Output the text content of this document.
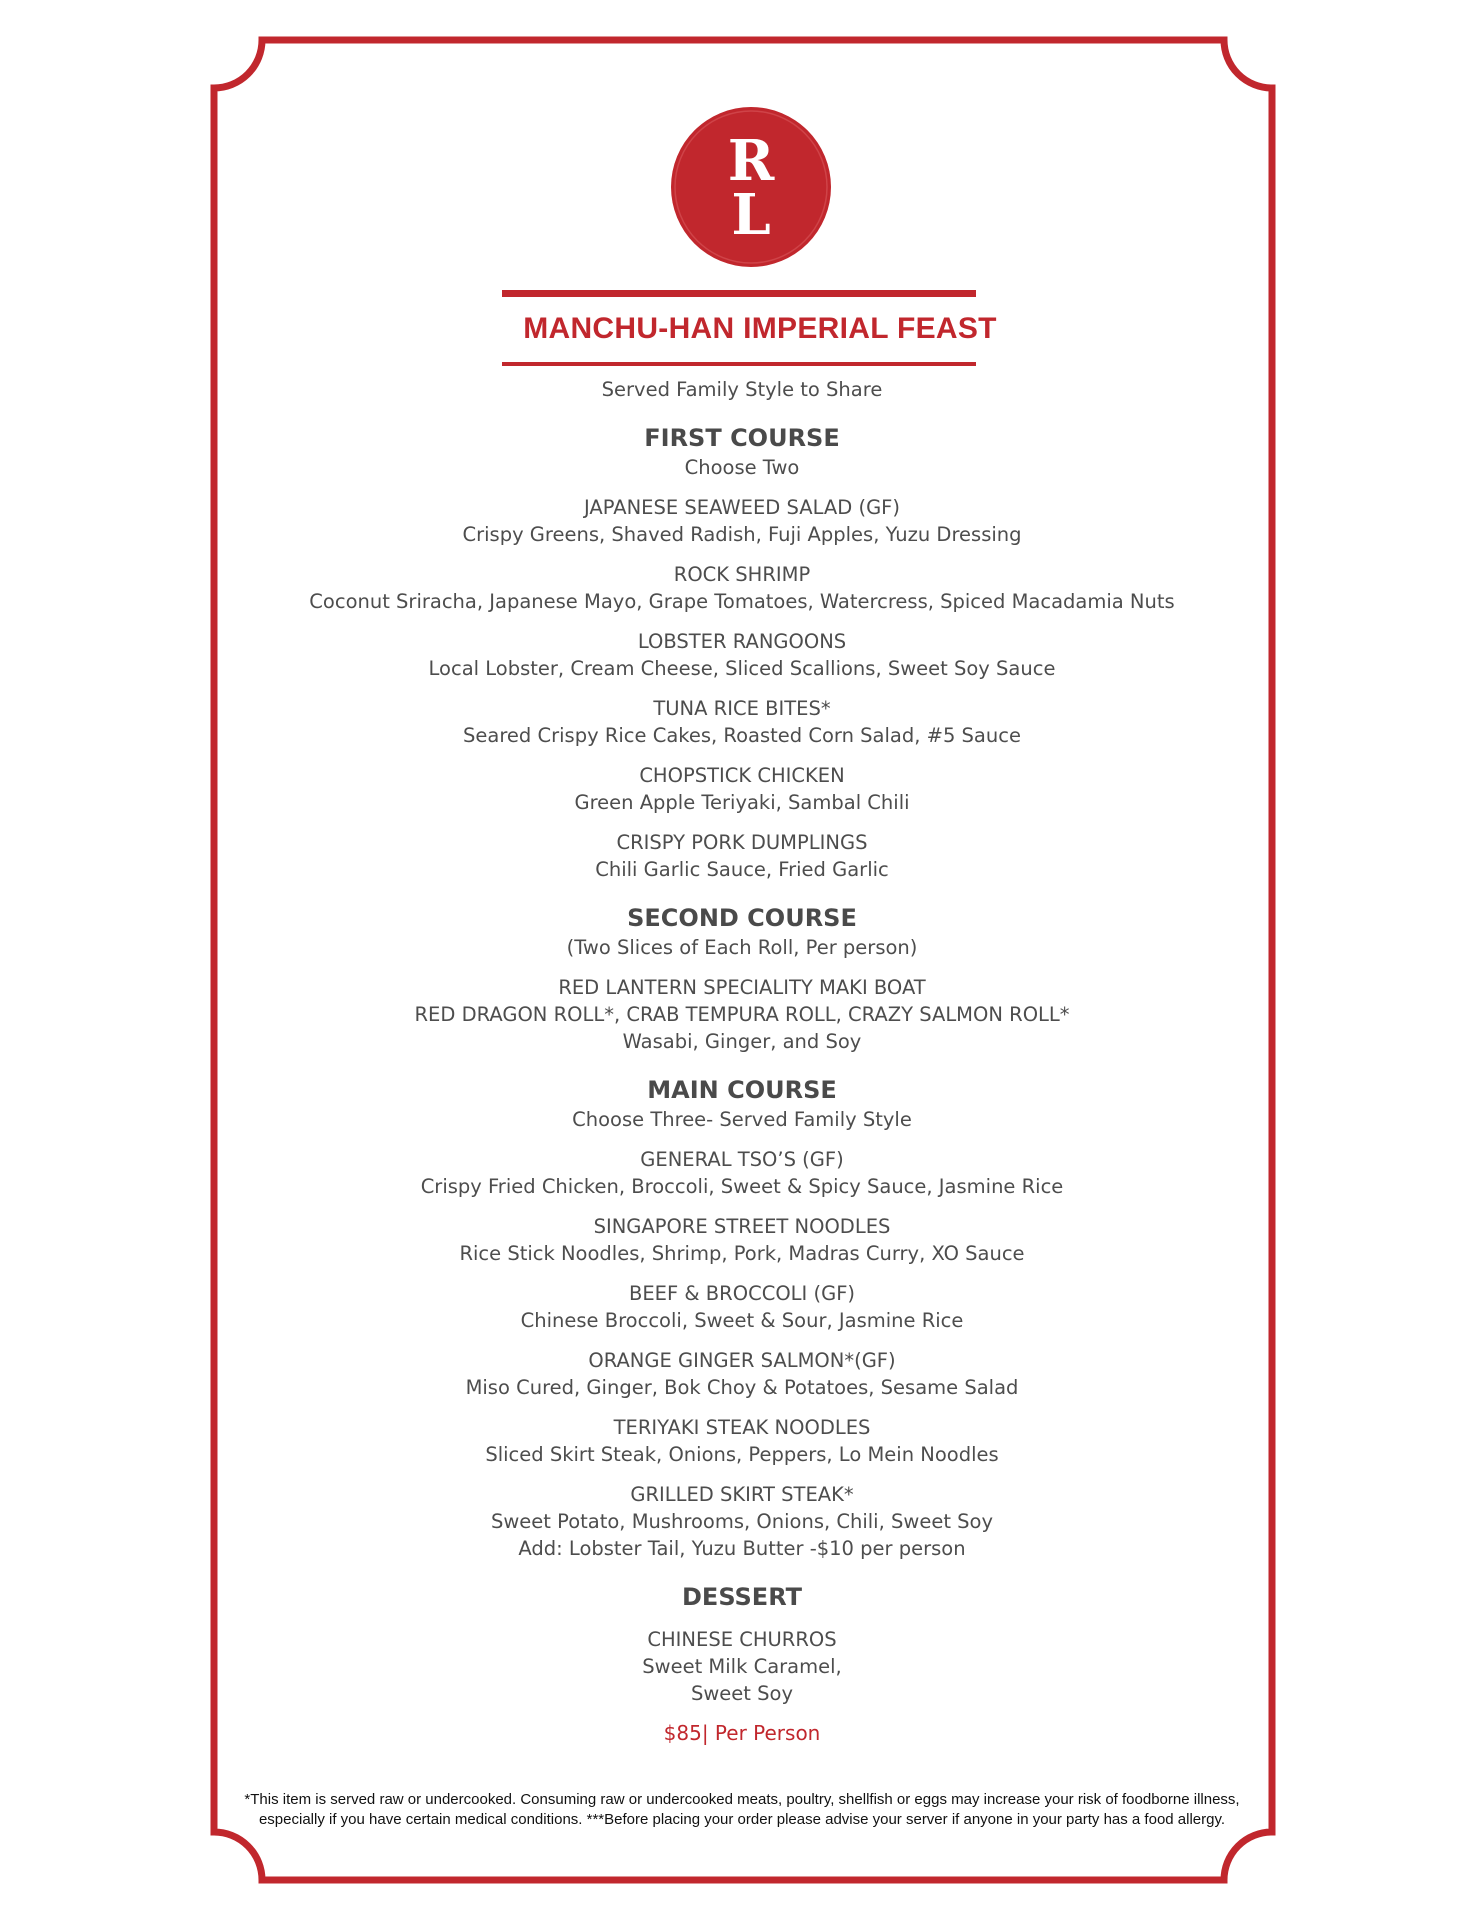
R
L
MANCHU-HAN IMPERIAL FEAST
Served Family Style to Share
FIRST COURSE
Choose Two
JAPANESE SEAWEED SALAD (GF)
Crispy Greens, Shaved Radish, Fuji Apples, Yuzu Dressing
ROCK SHRIMP
Coconut Sriracha, Japanese Mayo, Grape Tomatoes, Watercress, Spiced Macadamia Nuts
LOBSTER RANGOONS
Local Lobster, Cream Cheese, Sliced Scallions, Sweet Soy Sauce
TUNA RICE BITES*
Seared Crispy Rice Cakes, Roasted Corn Salad, #5 Sauce
CHOPSTICK CHICKEN
Green Apple Teriyaki, Sambal Chili
CRISPY PORK DUMPLINGS
Chili Garlic Sauce, Fried Garlic
SECOND COURSE
(Two Slices of Each Roll, Per person)
RED LANTERN SPECIALITY MAKI BOAT
RED DRAGON ROLL*, CRAB TEMPURA ROLL, CRAZY SALMON ROLL*
Wasabi, Ginger, and Soy
MAIN COURSE
Choose Three- Served Family Style
GENERAL TSO’S (GF)
Crispy Fried Chicken, Broccoli, Sweet & Spicy Sauce, Jasmine Rice
SINGAPORE STREET NOODLES
Rice Stick Noodles, Shrimp, Pork, Madras Curry, XO Sauce
BEEF & BROCCOLI (GF)
Chinese Broccoli, Sweet & Sour, Jasmine Rice
ORANGE GINGER SALMON*(GF)
Miso Cured, Ginger, Bok Choy & Potatoes, Sesame Salad
TERIYAKI STEAK NOODLES
Sliced Skirt Steak, Onions, Peppers, Lo Mein Noodles
GRILLED SKIRT STEAK*
Sweet Potato, Mushrooms, Onions, Chili, Sweet Soy
Add: Lobster Tail, Yuzu Butter -$10 per person
DESSERT
CHINESE CHURROS
Sweet Milk Caramel,
Sweet Soy
$85| Per Person
*This item is served raw or undercooked. Consuming raw or undercooked meats, poultry, shellfish or eggs may increase your risk of foodborne illness, especially if you have certain medical conditions. ***Before placing your order please advise your server if anyone in your party has a food allergy.
